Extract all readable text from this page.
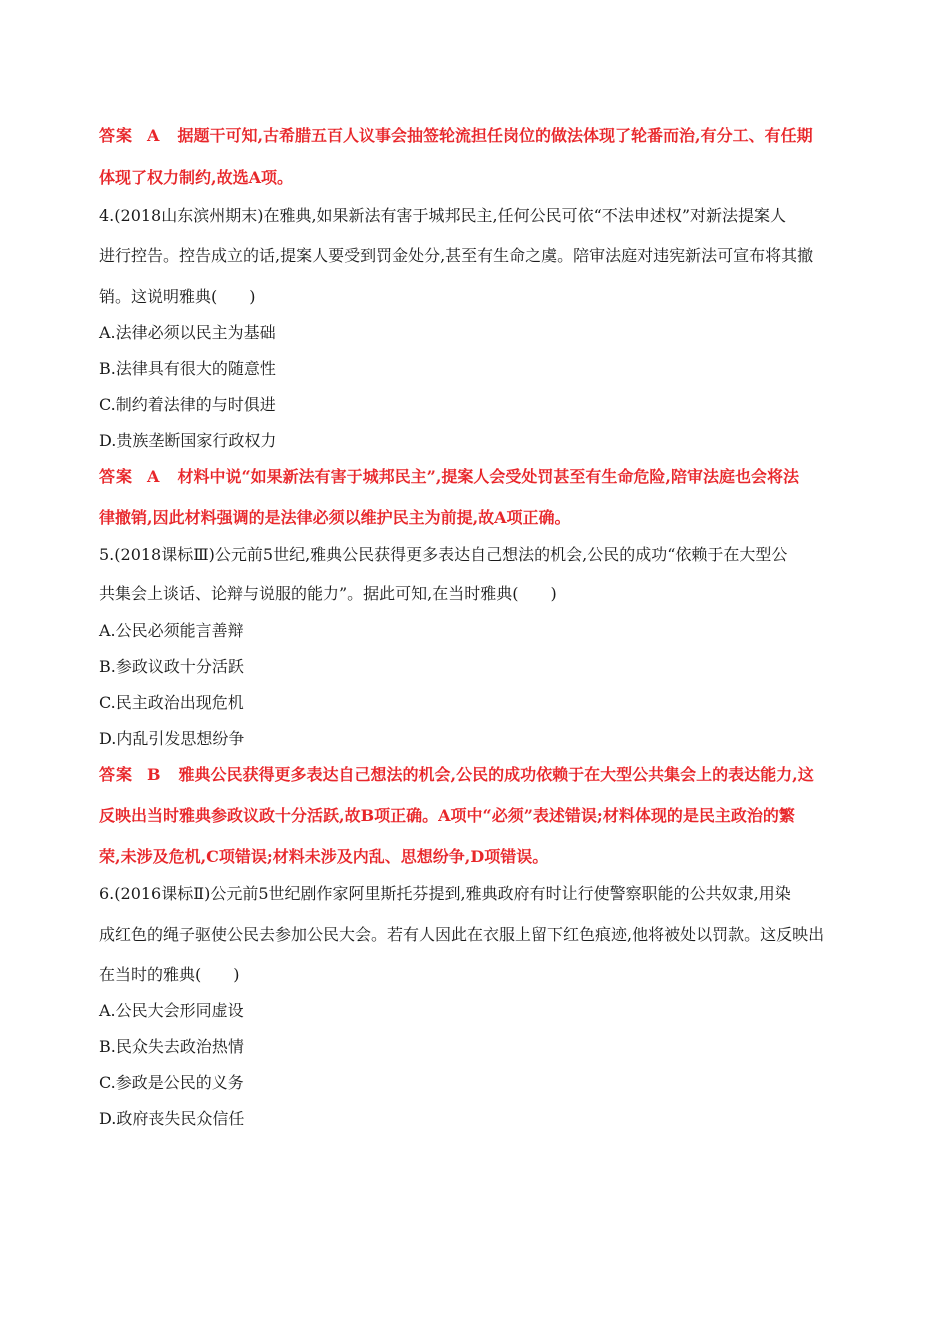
答案 A 据题干可知,古希腊五百人议事会抽签轮流担任岗位的做法体现了轮番而治,有分工、有任期
体现了权力制约,故选A项。
4.(2018山东滨州期末)在雅典,如果新法有害于城邦民主,任何公民可依“不法申述权”对新法提案人
进行控告。控告成立的话,提案人要受到罚金处分,甚至有生命之虞。陪审法庭对违宪新法可宣布将其撤
销。这说明雅典(　　)
A.法律必须以民主为基础
B.法律具有很大的随意性
C.制约着法律的与时俱进
D.贵族垄断国家行政权力
答案 A 材料中说“如果新法有害于城邦民主”,提案人会受处罚甚至有生命危险,陪审法庭也会将法
律撤销,因此材料强调的是法律必须以维护民主为前提,故A项正确。
5.(2018课标Ⅲ)公元前5世纪,雅典公民获得更多表达自己想法的机会,公民的成功“依赖于在大型公
共集会上谈话、论辩与说服的能力”。据此可知,在当时雅典(　　)
A.公民必须能言善辩
B.参政议政十分活跃
C.民主政治出现危机
D.内乱引发思想纷争
答案 B 雅典公民获得更多表达自己想法的机会,公民的成功依赖于在大型公共集会上的表达能力,这
反映出当时雅典参政议政十分活跃,故B项正确。A项中“必须”表述错误;材料体现的是民主政治的繁
荣,未涉及危机,C项错误;材料未涉及内乱、思想纷争,D项错误。
6.(2016课标Ⅱ)公元前5世纪剧作家阿里斯托芬提到,雅典政府有时让行使警察职能的公共奴隶,用染
成红色的绳子驱使公民去参加公民大会。若有人因此在衣服上留下红色痕迹,他将被处以罚款。这反映出
在当时的雅典(　　)
A.公民大会形同虚设
B.民众失去政治热情
C.参政是公民的义务
D.政府丧失民众信任
